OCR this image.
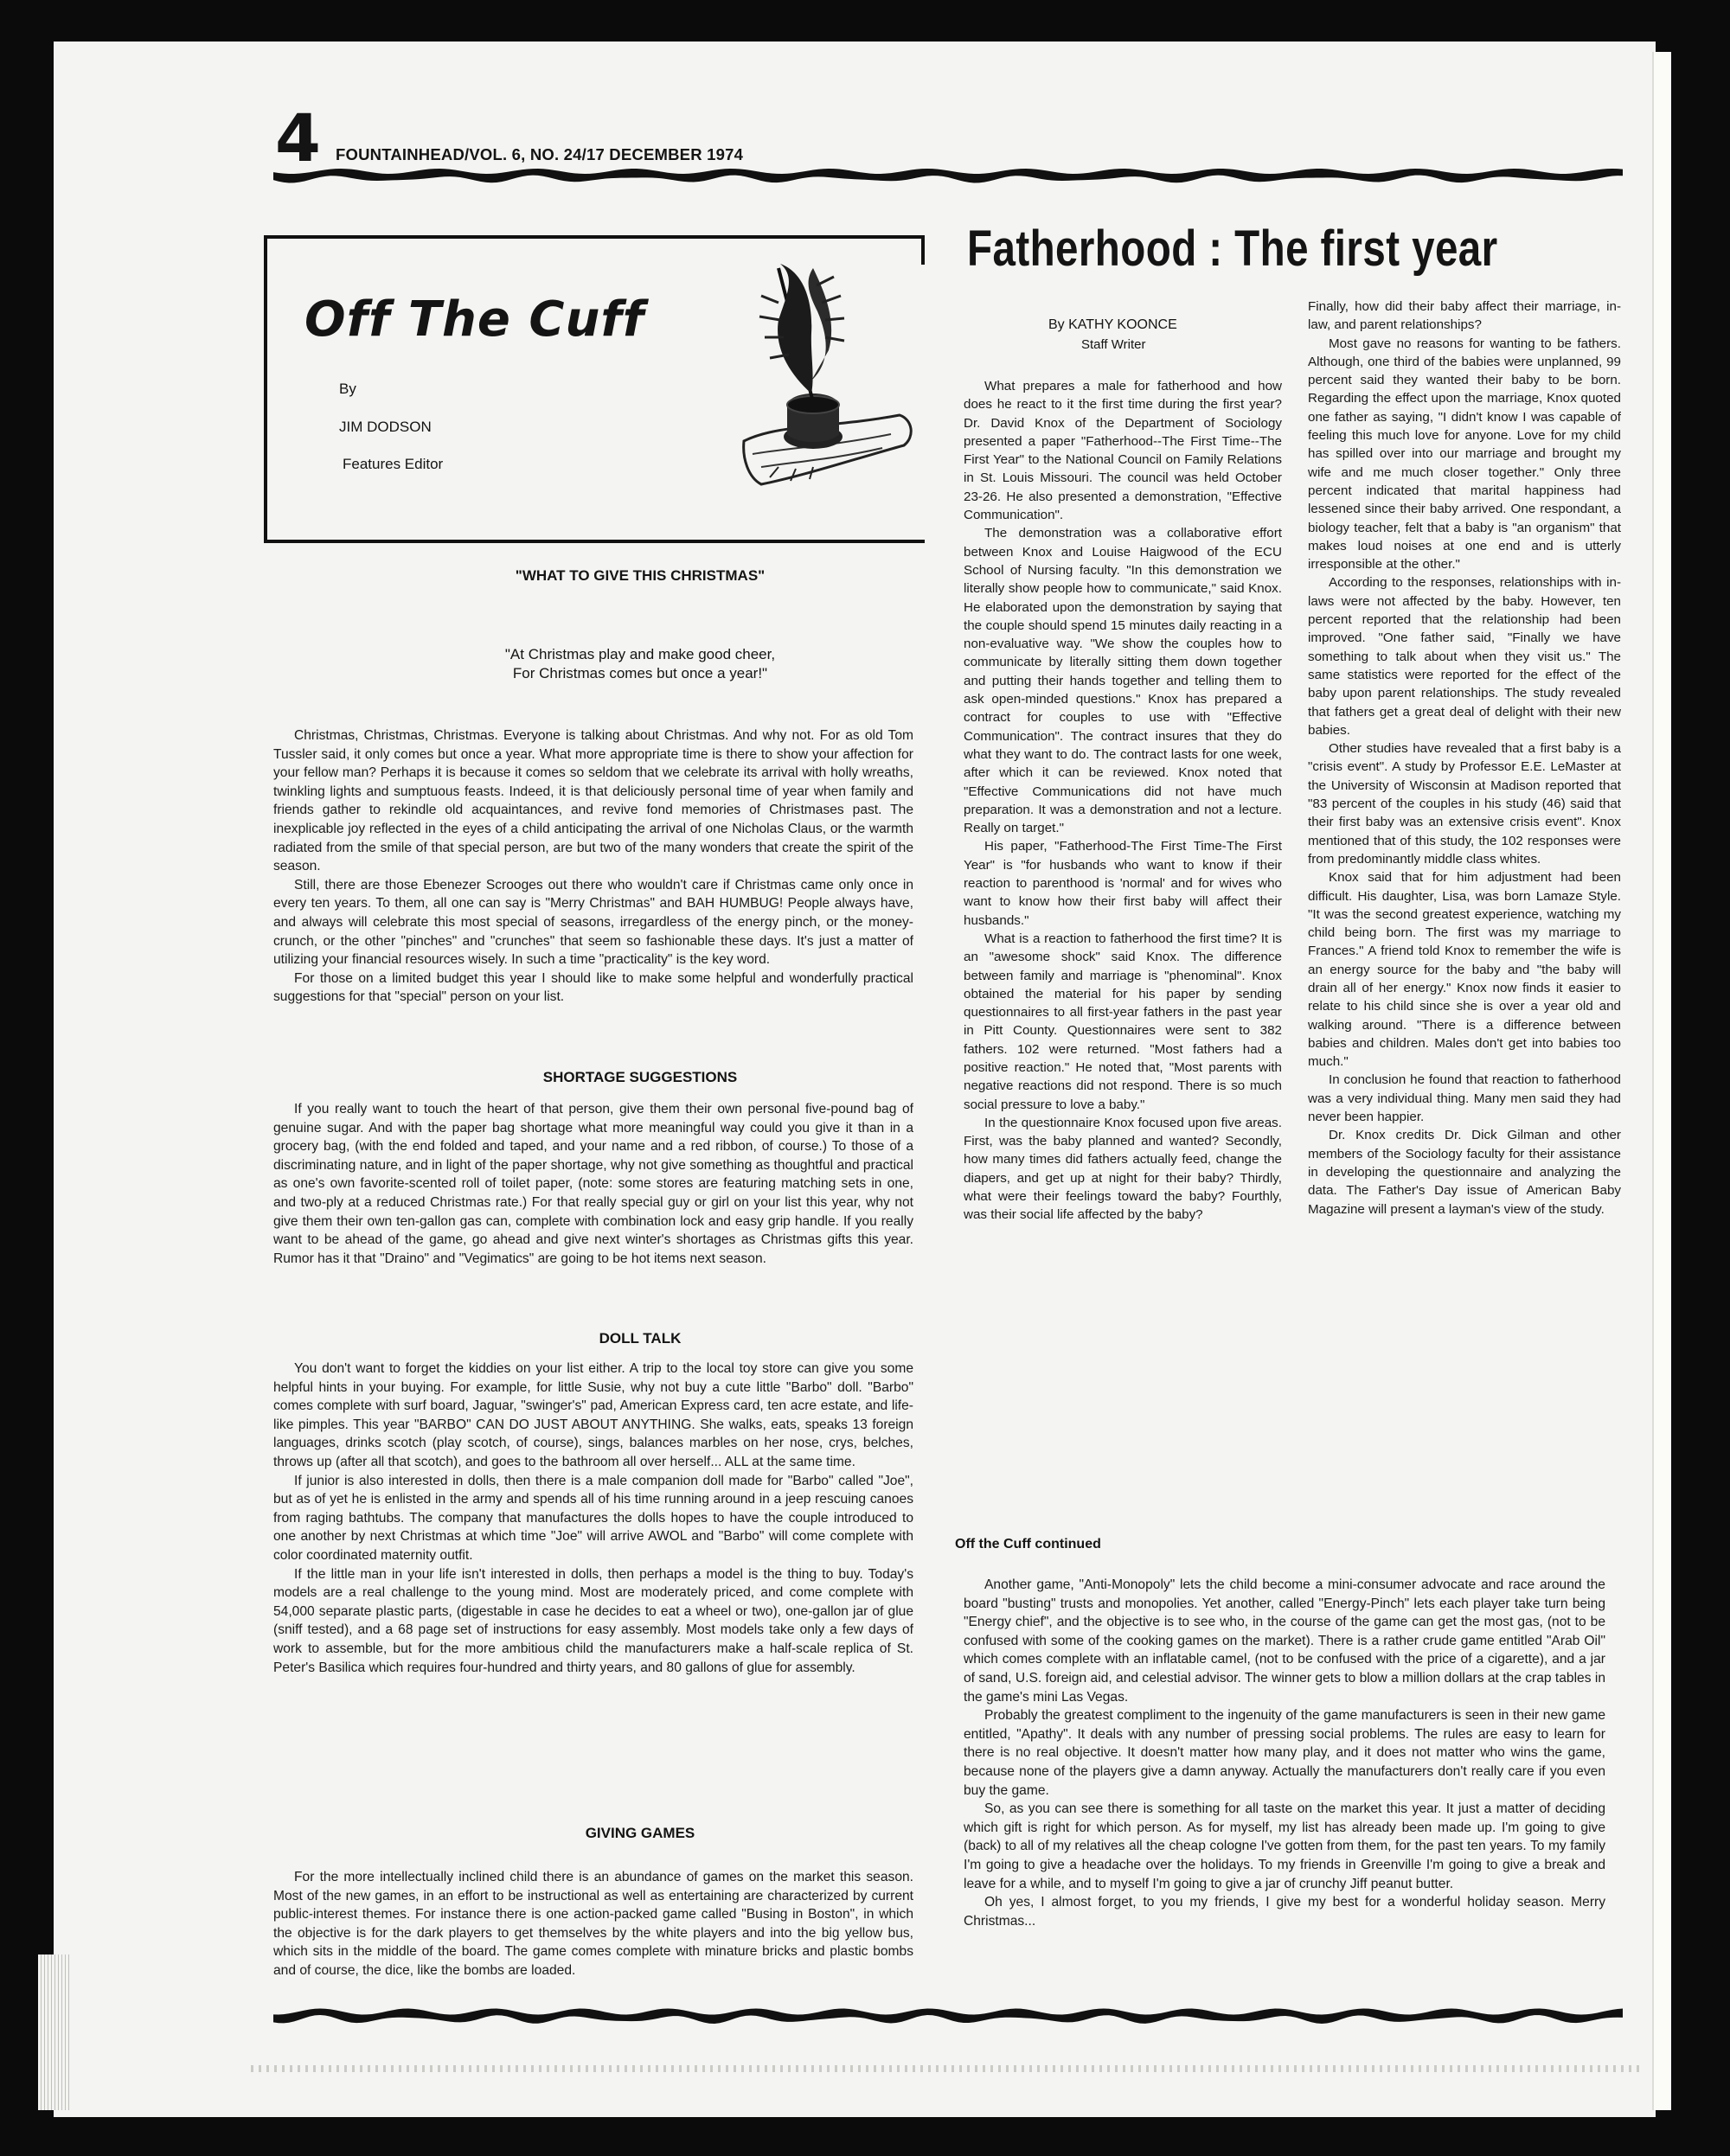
4 FOUNTAINHEAD/VOL. 6, NO. 24/17 DECEMBER 1974
Off The Cuff
By
JIM DODSON
Features Editor
"WHAT TO GIVE THIS CHRISTMAS"
"At Christmas play and make good cheer,
For Christmas comes but once a year!"

Christmas, Christmas, Christmas. Everyone is talking about Christmas. And why not. For as old Tom Tussler said, it only comes but once a year. What more appropriate time is there to show your affection for your fellow man? Perhaps it is because it comes so seldom that we celebrate its arrival with holly wreaths, twinkling lights and sumptuous feasts. Indeed, it is that deliciously personal time of year when family and friends gather to rekindle old acquaintances, and revive fond memories of Christmases past. The inexplicable joy reflected in the eyes of a child anticipating the arrival of one Nicholas Claus, or the warmth radiated from the smile of that special person, are but two of the many wonders that create the spirit of the season.

Still, there are those Ebenezer Scrooges out there who wouldn't care if Christmas came only once in every ten years. To them, all one can say is "Merry Christmas" and BAH HUMBUG! People always have, and always will celebrate this most special of seasons, irregardless of the energy pinch, or the money-crunch, or the other "pinches" and "crunches" that seem so fashionable these days. It's just a matter of utilizing your financial resources wisely. In such a time "practicality" is the key word.

For those on a limited budget this year I should like to make some helpful and wonderfully practical suggestions for that "special" person on your list.

SHORTAGE SUGGESTIONS

If you really want to touch the heart of that person, give them their own personal five-pound bag of genuine sugar. And with the paper bag shortage what more meaningful way could you give it than in a grocery bag, (with the end folded and taped, and your name and a red ribbon, of course.) To those of a discriminating nature, and in light of the paper shortage, why not give something as thoughtful and practical as one's own favorite-scented roll of toilet paper, (note: some stores are featuring matching sets in one, and two-ply at a reduced Christmas rate.) For that really special guy or girl on your list this year, why not give them their own ten-gallon gas can, complete with combination lock and easy grip handle. If you really want to be ahead of the game, go ahead and give next winter's shortages as Christmas gifts this year. Rumor has it that "Draino" and "Vegimatics" are going to be hot items next season.

DOLL TALK

You don't want to forget the kiddies on your list either. A trip to the local toy store can give you some helpful hints in your buying. For example, for little Susie, why not buy a cute little "Barbo" doll. "Barbo" comes complete with surf board, Jaguar, "swinger's" pad, American Express card, ten acre estate, and life-like pimples. This year "BARBO" CAN DO JUST ABOUT ANYTHING. She walks, eats, speaks 13 foreign languages, drinks scotch (play scotch, of course), sings, balances marbles on her nose, crys, belches, throws up (after all that scotch), and goes to the bathroom all over herself... ALL at the same time.

If junior is also interested in dolls, then there is a male companion doll made for "Barbo" called "Joe", but as of yet he is enlisted in the army and spends all of his time running around in a jeep rescuing canoes from raging bathtubs. The company that manufactures the dolls hopes to have the couple introduced to one another by next Christmas at which time "Joe" will arrive AWOL and "Barbo" will come complete with color coordinated maternity outfit.

If the little man in your life isn't interested in dolls, then perhaps a model is the thing to buy. Today's models are a real challenge to the young mind. Most are moderately priced, and come complete with 54,000 separate plastic parts, (digestable in case he decides to eat a wheel or two), one-gallon jar of glue (sniff tested), and a 68 page set of instructions for easy assembly. Most models take only a few days of work to assemble, but for the more ambitious child the manufacturers make a half-scale replica of St. Peter's Basilica which requires four-hundred and thirty years, and 80 gallons of glue for assembly.

GIVING GAMES

For the more intellectually inclined child there is an abundance of games on the market this season. Most of the new games, in an effort to be instructional as well as entertaining are characterized by current public-interest themes. For instance there is one action-packed game called "Busing in Boston", in which the objective is for the dark players to get themselves by the white players and into the big yellow bus, which sits in the middle of the board. The game comes complete with minature bricks and plastic bombs and of course, the dice, like the bombs are loaded.

Fatherhood : The first year
By KATHY KOONCE
Staff Writer

What prepares a male for fatherhood and how does he react to it the first time during the first year? Dr. David Knox of the Department of Sociology presented a paper "Fatherhood--The First Time--The First Year" to the National Council on Family Relations in St. Louis Missouri. The council was held October 23-26. He also presented a demonstration, "Effective Communication".

The demonstration was a collaborative effort between Knox and Louise Haigwood of the ECU School of Nursing faculty. "In this demonstration we literally show people how to communicate," said Knox. He elaborated upon the demonstration by saying that the couple should spend 15 minutes daily reacting in a non-evaluative way. "We show the couples how to communicate by literally sitting them down together and putting their hands together and telling them to ask open-minded questions." Knox has prepared a contract for couples to use with "Effective Communication". The contract insures that they do what they want to do. The contract lasts for one week, after which it can be reviewed. Knox noted that "Effective Communications did not have much preparation. It was a demonstration and not a lecture. Really on target."

His paper, "Fatherhood-The First Time-The First Year" is "for husbands who want to know if their reaction to parenthood is 'normal' and for wives who want to know how their first baby will affect their husbands."

What is a reaction to fatherhood the first time? It is an "awesome shock" said Knox. The difference between family and marriage is "phenominal". Knox obtained the material for his paper by sending questionnaires to all first-year fathers in the past year in Pitt County. Questionnaires were sent to 382 fathers. 102 were returned. "Most fathers had a positive reaction." He noted that, "Most parents with negative reactions did not respond. There is so much social pressure to love a baby."

In the questionnaire Knox focused upon five areas. First, was the baby planned and wanted? Secondly, how many times did fathers actually feed, change the diapers, and get up at night for their baby? Thirdly, what were their feelings toward the baby? Fourthly, was their social life affected by the baby?

Finally, how did their baby affect their marriage, in-law, and parent relationships?

Most gave no reasons for wanting to be fathers. Although, one third of the babies were unplanned, 99 percent said they wanted their baby to be born. Regarding the effect upon the marriage, Knox quoted one father as saying, "I didn't know I was capable of feeling this much love for anyone. Love for my child has spilled over into our marriage and brought my wife and me much closer together." Only three percent indicated that marital happiness had lessened since their baby arrived. One respondant, a biology teacher, felt that a baby is "an organism" that makes loud noises at one end and is utterly irresponsible at the other."

According to the responses, relationships with in-laws were not affected by the baby. However, ten percent reported that the relationship had been improved. "One father said, "Finally we have something to talk about when they visit us." The same statistics were reported for the effect of the baby upon parent relationships. The study revealed that fathers get a great deal of delight with their new babies.

Other studies have revealed that a first baby is a "crisis event". A study by Professor E.E. LeMaster at the University of Wisconsin at Madison reported that "83 percent of the couples in his study (46) said that their first baby was an extensive crisis event". Knox mentioned that of this study, the 102 responses were from predominantly middle class whites.

Knox said that for him adjustment had been difficult. His daughter, Lisa, was born Lamaze Style. "It was the second greatest experience, watching my child being born. The first was my marriage to Frances." A friend told Knox to remember the wife is an energy source for the baby and "the baby will drain all of her energy." Knox now finds it easier to relate to his child since she is over a year old and walking around. "There is a difference between babies and children. Males don't get into babies too much."

In conclusion he found that reaction to fatherhood was a very individual thing. Many men said they had never been happier.

Dr. Knox credits Dr. Dick Gilman and other members of the Sociology faculty for their assistance in developing the questionnaire and analyzing the data. The Father's Day issue of American Baby Magazine will present a layman's view of the study.

Off the Cuff continued

Another game, "Anti-Monopoly" lets the child become a mini-consumer advocate and race around the board "busting" trusts and monopolies. Yet another, called "Energy-Pinch" lets each player take turn being "Energy chief", and the objective is to see who, in the course of the game can get the most gas, (not to be confused with some of the cooking games on the market). There is a rather crude game entitled "Arab Oil" which comes complete with an inflatable camel, (not to be confused with the price of a cigarette), and a jar of sand, U.S. foreign aid, and celestial advisor. The winner gets to blow a million dollars at the crap tables in the game's mini Las Vegas.

Probably the greatest compliment to the ingenuity of the game manufacturers is seen in their new game entitled, "Apathy". It deals with any number of pressing social problems. The rules are easy to learn for there is no real objective. It doesn't matter how many play, and it does not matter who wins the game, because none of the players give a damn anyway. Actually the manufacturers don't really care if you even buy the game.

So, as you can see there is something for all taste on the market this year. It just a matter of deciding which gift is right for which person. As for myself, my list has already been made up. I'm going to give (back) to all of my relatives all the cheap cologne I've gotten from them, for the past ten years. To my family I'm going to give a headache over the holidays. To my friends in Greenville I'm going to give a break and leave for a while, and to myself I'm going to give a jar of crunchy Jiff peanut butter.

Oh yes, I almost forget, to you my friends, I give my best for a wonderful holiday season. Merry Christmas...
